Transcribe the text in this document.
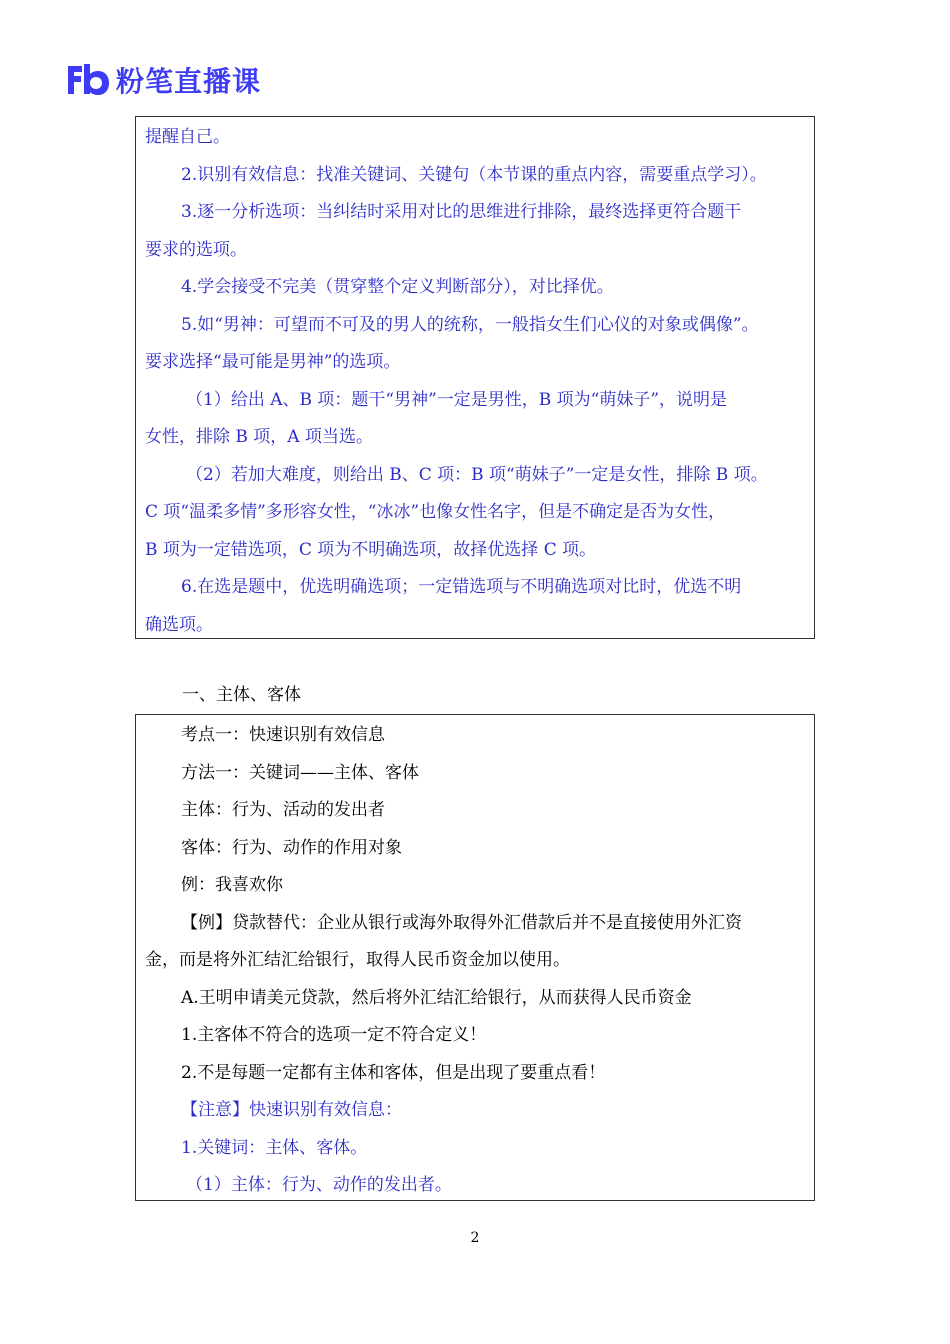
粉笔直播课

提醒自己。

2.识别有效信息：找准关键词、关键句（本节课的重点内容，需要重点学习）。

3.逐一分析选项：当纠结时采用对比的思维进行排除，最终选择更符合题干

要求的选项。

4.学会接受不完美（贯穿整个定义判断部分），对比择优。

5.如“男神：可望而不可及的男人的统称，一般指女生们心仪的对象或偶像”。

要求选择“最可能是男神”的选项。

（1）给出 A、B 项：题干“男神”一定是男性，B 项为“萌妹子”，说明是

女性，排除 B 项，A 项当选。

（2）若加大难度，则给出 B、C 项：B 项“萌妹子”一定是女性，排除 B 项。

C 项“温柔多情”多形容女性，“冰冰”也像女性名字，但是不确定是否为女性，

B 项为一定错选项，C 项为不明确选项，故择优选择 C 项。

6.在选是题中，优选明确选项；一定错选项与不明确选项对比时，优选不明

确选项。

一、主体、客体

考点一：快速识别有效信息

方法一：关键词——主体、客体

主体：行为、活动的发出者

客体：行为、动作的作用对象

例：我喜欢你

【例】贷款替代：企业从银行或海外取得外汇借款后并不是直接使用外汇资

金，而是将外汇结汇给银行，取得人民币资金加以使用。

A.王明申请美元贷款，然后将外汇结汇给银行，从而获得人民币资金

1.主客体不符合的选项一定不符合定义！

2.不是每题一定都有主体和客体，但是出现了要重点看！

【注意】快速识别有效信息：

1.关键词：主体、客体。

（1）主体：行为、动作的发出者。

2
